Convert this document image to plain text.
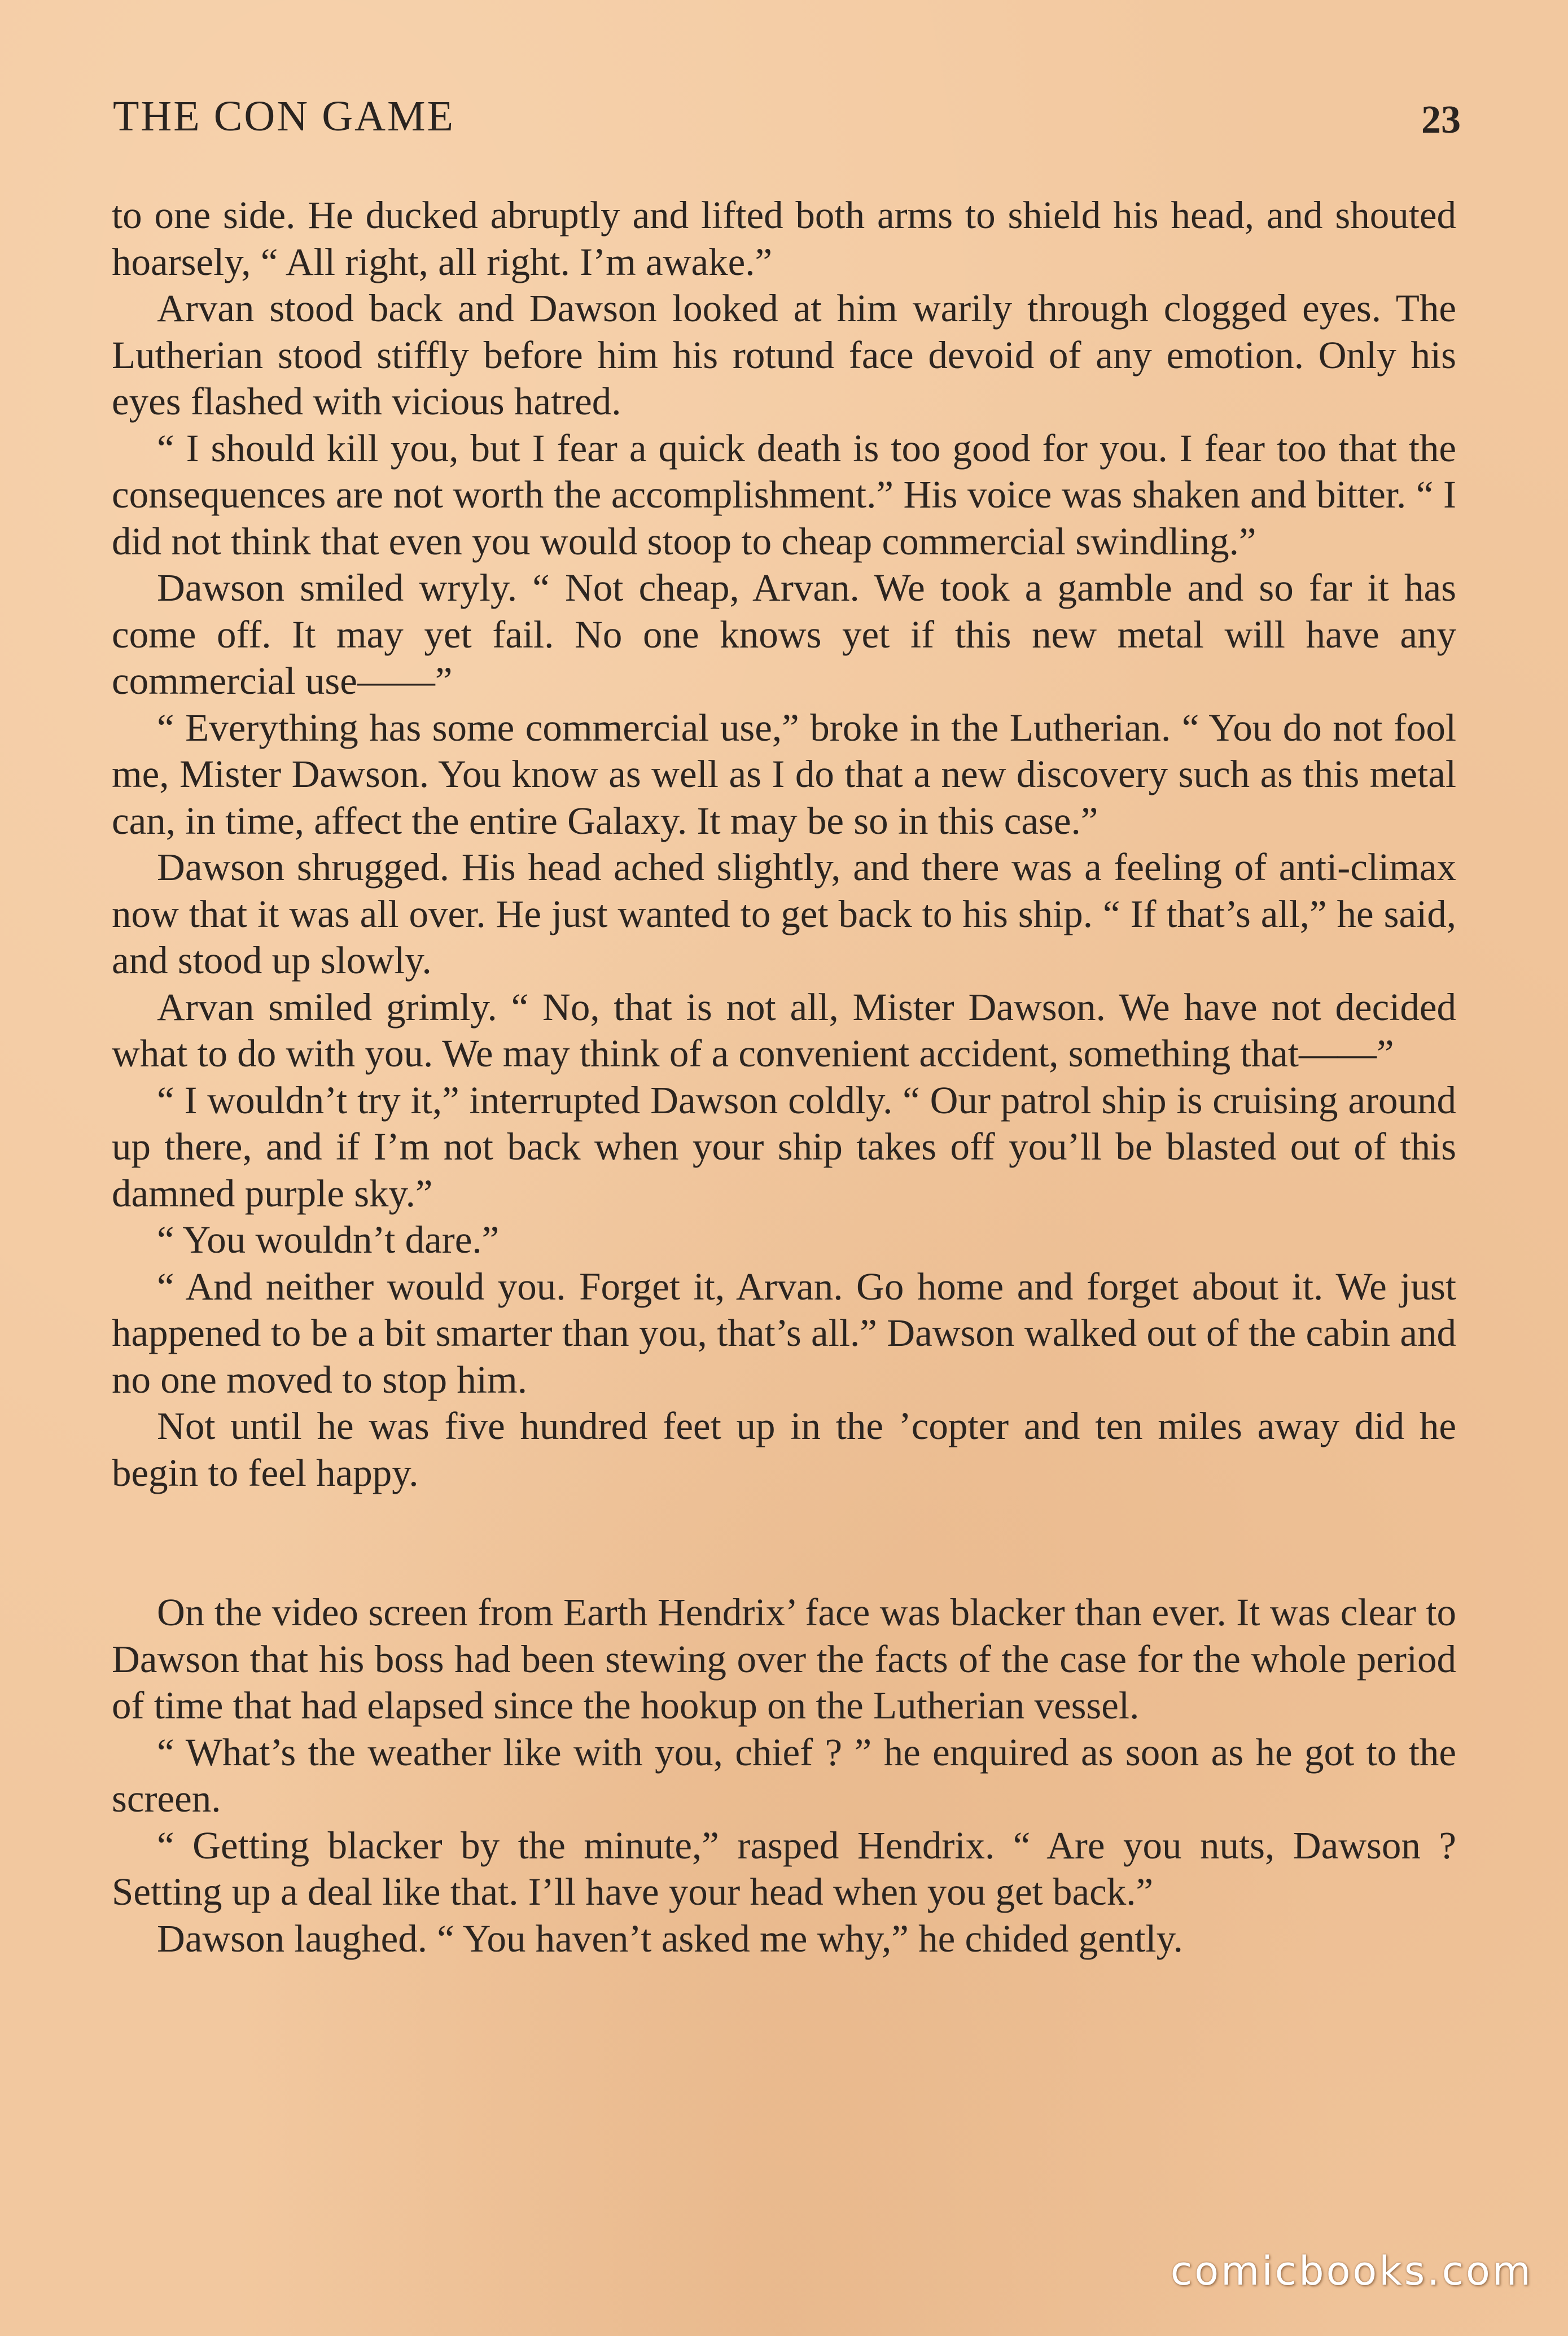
THE CON GAME	23

to one side. He ducked abruptly and lifted both arms to shield his head, and shouted hoarsely, “ All right, all right. I’m awake.”

Arvan stood back and Dawson looked at him warily through clogged eyes. The Lutherian stood stiffly before him his rotund face devoid of any emotion. Only his eyes flashed with vicious hatred.

“ I should kill you, but I fear a quick death is too good for you. I fear too that the consequences are not worth the accomplishment.” His voice was shaken and bitter. “ I did not think that even you would stoop to cheap commercial swindling.”

Dawson smiled wryly. “ Not cheap, Arvan. We took a gamble and so far it has come off. It may yet fail. No one knows yet if this new metal will have any commercial use——”

“ Everything has some commercial use,” broke in the Lutherian. “ You do not fool me, Mister Dawson. You know as well as I do that a new discovery such as this metal can, in time, affect the entire Galaxy. It may be so in this case.”

Dawson shrugged. His head ached slightly, and there was a feeling of anti-climax now that it was all over. He just wanted to get back to his ship. “ If that’s all,” he said, and stood up slowly.

Arvan smiled grimly. “ No, that is not all, Mister Dawson. We have not decided what to do with you. We may think of a convenient accident, something that——”

“ I wouldn’t try it,” interrupted Dawson coldly. “ Our patrol ship is cruising around up there, and if I’m not back when your ship takes off you’ll be blasted out of this damned purple sky.”

“ You wouldn’t dare.”

“ And neither would you. Forget it, Arvan. Go home and forget about it. We just happened to be a bit smarter than you, that’s all.” Dawson walked out of the cabin and no one moved to stop him.

Not until he was five hundred feet up in the ’copter and ten miles away did he begin to feel happy.

On the video screen from Earth Hendrix’ face was blacker than ever. It was clear to Dawson that his boss had been stewing over the facts of the case for the whole period of time that had elapsed since the hookup on the Lutherian vessel.

“ What’s the weather like with you, chief ? ” he enquired as soon as he got to the screen.

“ Getting blacker by the minute,” rasped Hendrix. “ Are you nuts, Dawson ? Setting up a deal like that. I’ll have your head when you get back.”

Dawson laughed. “ You haven’t asked me why,” he chided gently.

comicbooks.com
